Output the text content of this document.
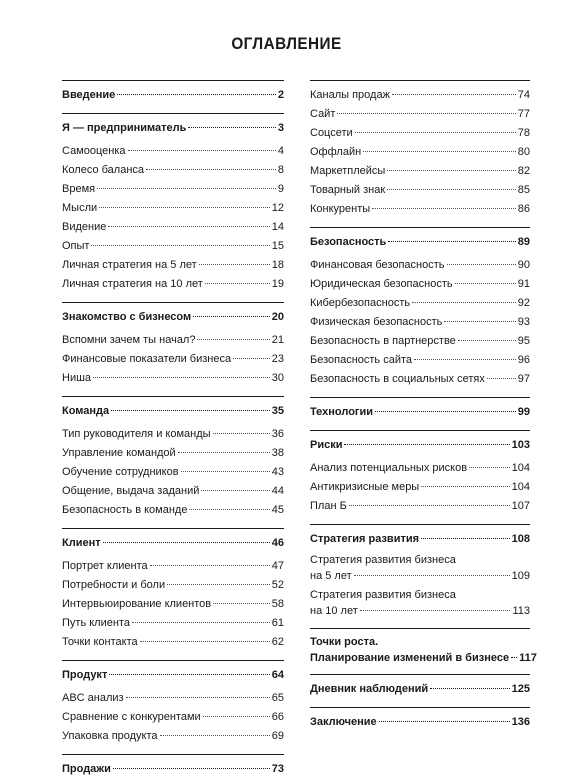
ОГЛАВЛЕНИЕ
Введение	2
Я — предприниматель	3
Самооценка	4
Колесо баланса	8
Время	9
Мысли	12
Видение	14
Опыт	15
Личная стратегия на 5 лет	18
Личная стратегия на 10 лет	19
Знакомство с бизнесом	20
Вспомни зачем ты начал?	21
Финансовые показатели бизнеса	23
Ниша	30
Команда	35
Тип руководителя и команды	36
Управление командой	38
Обучение сотрудников	43
Общение, выдача заданий	44
Безопасность в команде	45
Клиент	46
Портрет клиента	47
Потребности и боли	52
Интервьюирование клиентов	58
Путь клиента	61
Точки контакта	62
Продукт	64
ABC анализ	65
Сравнение с конкурентами	66
Упаковка продукта	69
Продажи	73
Каналы продаж	74
Сайт	77
Соцсети	78
Оффлайн	80
Маркетплейсы	82
Товарный знак	85
Конкуренты	86
Безопасность	89
Финансовая безопасность	90
Юридическая безопасность	91
Кибербезопасность	92
Физическая безопасность	93
Безопасность в партнерстве	95
Безопасность сайта	96
Безопасность в социальных сетях	97
Технологии	99
Риски	103
Анализ потенциальных рисков	104
Антикризисные меры	104
План Б	107
Стратегия развития	108
Стратегия развития бизнеса
на 5 лет	109
Стратегия развития бизнеса
на 10 лет	113
Точки роста.
Планирование изменений в бизнесе 117
Дневник наблюдений	125
Заключение	136
